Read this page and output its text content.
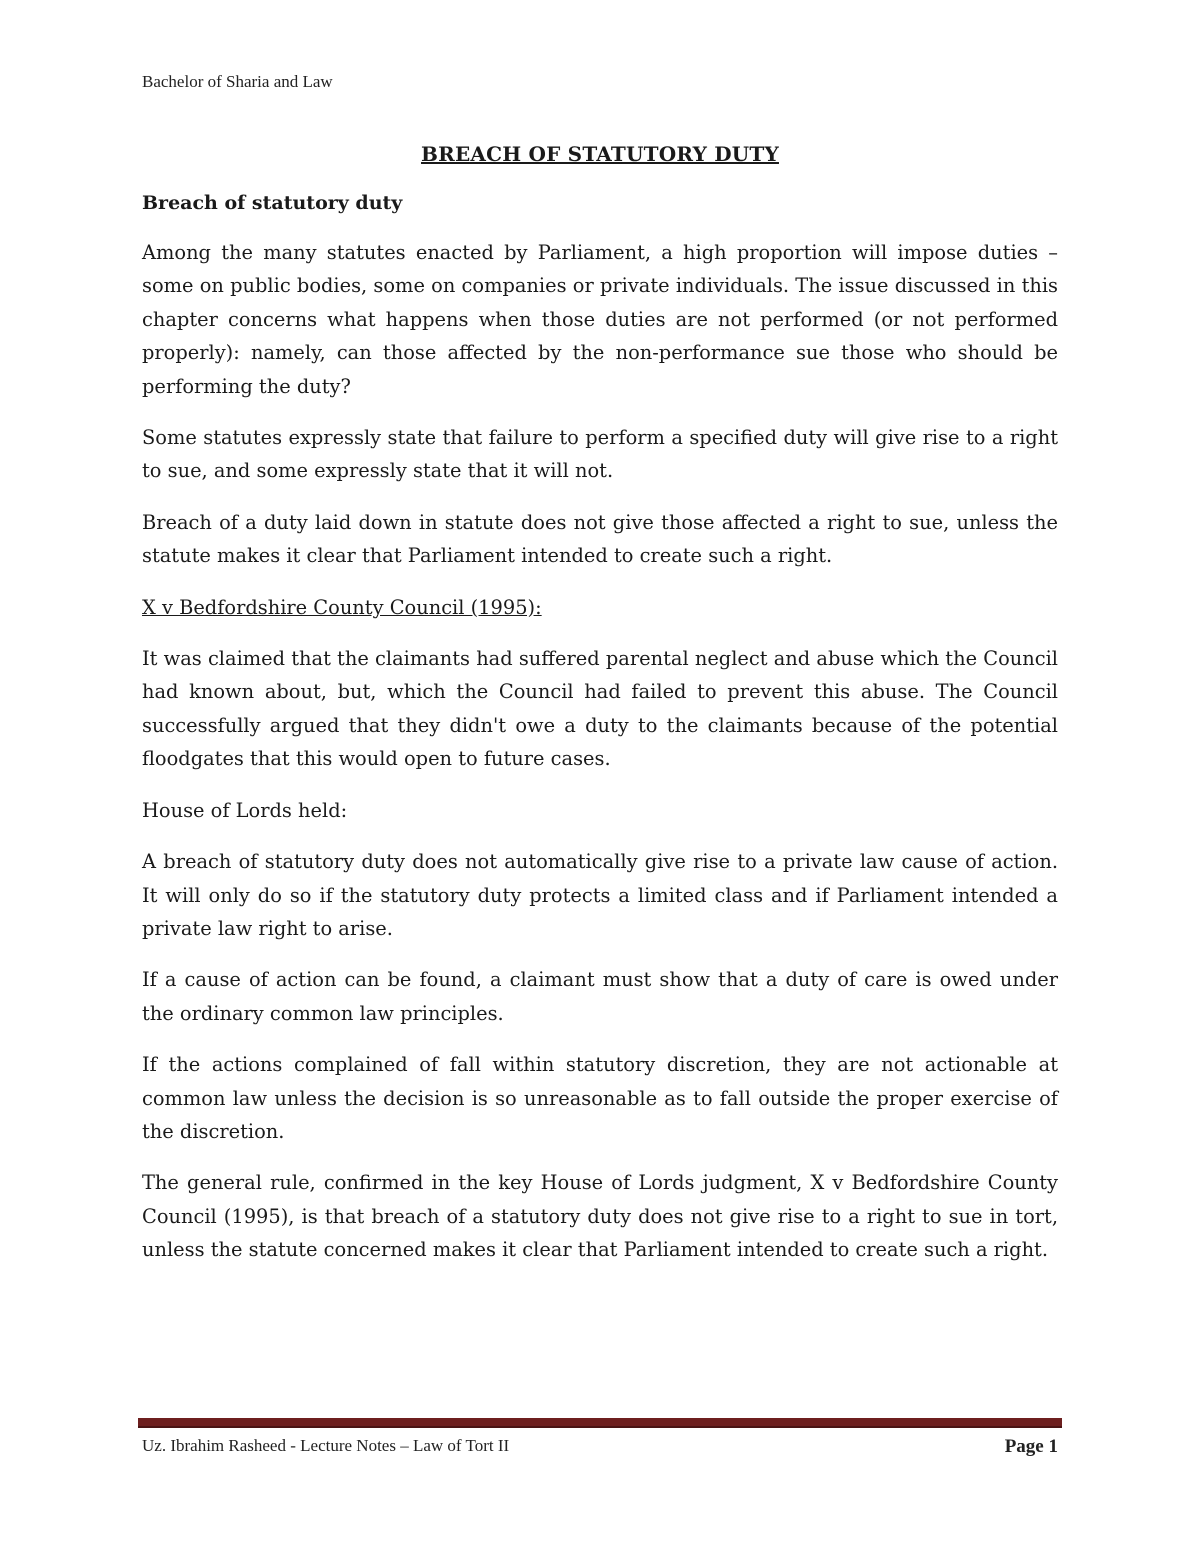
Bachelor of Sharia and Law
BREACH OF STATUTORY DUTY
Breach of statutory duty

Among the many statutes enacted by Parliament, a high proportion will impose duties – some on public bodies, some on companies or private individuals. The issue discussed in this chapter concerns what happens when those duties are not performed (or not performed properly): namely, can those affected by the non-performance sue those who should be performing the duty?

Some statutes expressly state that failure to perform a specified duty will give rise to a right to sue, and some expressly state that it will not.

Breach of a duty laid down in statute does not give those affected a right to sue, unless the statute makes it clear that Parliament intended to create such a right.

X v Bedfordshire County Council (1995):

It was claimed that the claimants had suffered parental neglect and abuse which the Council had known about, but, which the Council had failed to prevent this abuse. The Council successfully argued that they didn't owe a duty to the claimants because of the potential floodgates that this would open to future cases.

House of Lords held:

A breach of statutory duty does not automatically give rise to a private law cause of action. It will only do so if the statutory duty protects a limited class and if Parliament intended a private law right to arise.

If a cause of action can be found, a claimant must show that a duty of care is owed under the ordinary common law principles.

If the actions complained of fall within statutory discretion, they are not actionable at common law unless the decision is so unreasonable as to fall outside the proper exercise of the discretion.

The general rule, confirmed in the key House of Lords judgment, X v Bedfordshire County Council (1995), is that breach of a statutory duty does not give rise to a right to sue in tort, unless the statute concerned makes it clear that Parliament intended to create such a right.

Uz. Ibrahim Rasheed - Lecture Notes – Law of Tort II	Page 1
